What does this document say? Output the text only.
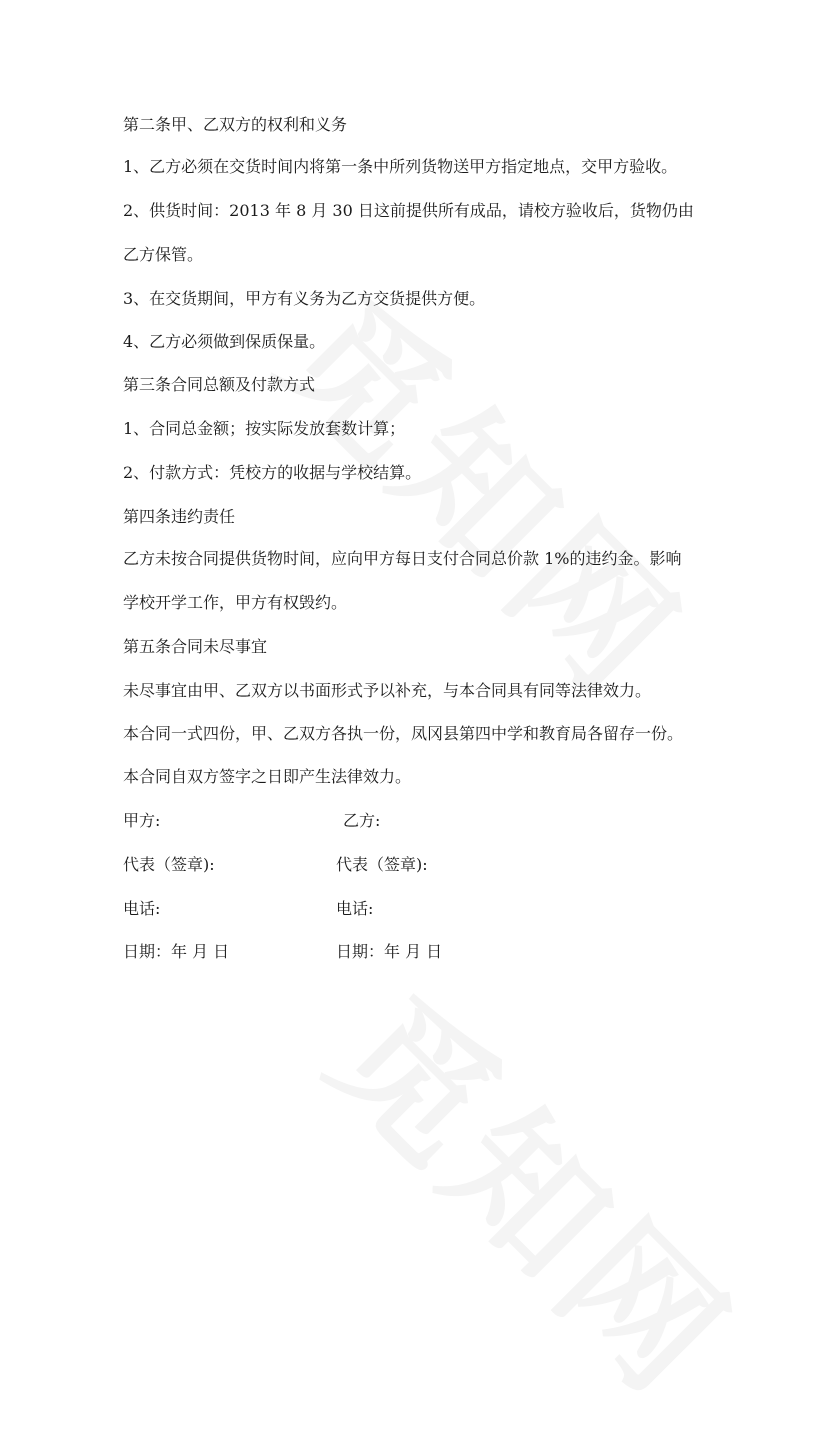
第二条甲、乙双方的权利和义务

1、乙方必须在交货时间内将第一条中所列货物送甲方指定地点，交甲方验收。

2、供货时间：2013 年 8 月 30 日这前提供所有成品，请校方验收后，货物仍由

乙方保管。

3、在交货期间，甲方有义务为乙方交货提供方便。

4、乙方必须做到保质保量。

第三条合同总额及付款方式

1、合同总金额；按实际发放套数计算；

2、付款方式：凭校方的收据与学校结算。

第四条违约责任

乙方未按合同提供货物时间，应向甲方每日支付合同总价款 1%的违约金。影响

学校开学工作，甲方有权毁约。

第五条合同未尽事宜

未尽事宜由甲、乙双方以书面形式予以补充，与本合同具有同等法律效力。

本合同一式四份，甲、乙双方各执一份，凤冈县第四中学和教育局各留存一份。

本合同自双方签字之日即产生法律效力。

甲方:	乙方:

代表（签章):	代表（签章):

电话:	电话:

日期：年 月 日	日期：年 月 日
